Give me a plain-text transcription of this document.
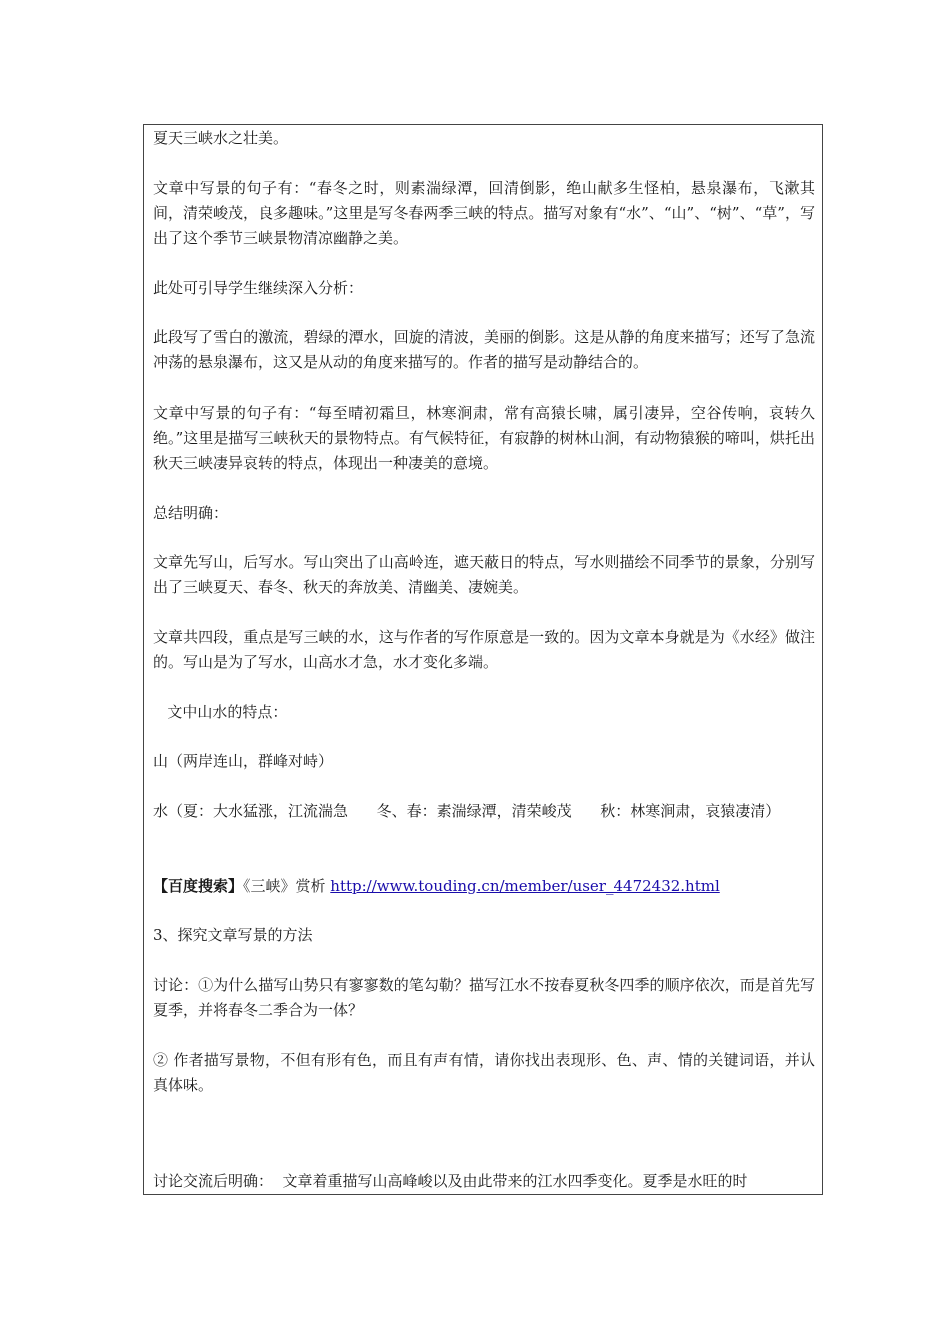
夏天三峡水之壮美。

文章中写景的句子有：“春冬之时，则素湍绿潭，回清倒影，绝山献多生怪柏，悬泉瀑布，飞漱其间，清荣峻茂，良多趣味。”这里是写冬春两季三峡的特点。描写对象有“水”、“山”、“树”、“草”，写出了这个季节三峡景物清凉幽静之美。

此处可引导学生继续深入分析：

此段写了雪白的激流，碧绿的潭水，回旋的清波，美丽的倒影。这是从静的角度来描写；还写了急流冲荡的悬泉瀑布，这又是从动的角度来描写的。作者的描写是动静结合的。

文章中写景的句子有：“每至晴初霜旦，林寒涧肃，常有高猿长啸，属引凄异，空谷传响，哀转久绝。”这里是描写三峡秋天的景物特点。有气候特征，有寂静的树林山涧，有动物猿猴的啼叫，烘托出秋天三峡凄异哀转的特点，体现出一种凄美的意境。

总结明确：

文章先写山，后写水。写山突出了山高岭连，遮天蔽日的特点，写水则描绘不同季节的景象，分别写出了三峡夏天、春冬、秋天的奔放美、清幽美、凄婉美。

文章共四段，重点是写三峡的水，这与作者的写作原意是一致的。因为文章本身就是为《水经》做注的。写山是为了写水，山高水才急，水才变化多端。

文中山水的特点：

山（两岸连山，群峰对峙）

水（夏：大水猛涨，江流湍急      冬、春：素湍绿潭，清荣峻茂      秋：林寒涧肃，哀猿凄清）

【百度搜索】《三峡》赏析 http://www.touding.cn/member/user_4472432.html

3、探究文章写景的方法

讨论：①为什么描写山势只有寥寥数的笔勾勒？描写江水不按春夏秋冬四季的顺序依次，而是首先写夏季，并将春冬二季合为一体？

② 作者描写景物，不但有形有色，而且有声有情，请你找出表现形、色、声、情的关键词语，并认真体味。

讨论交流后明确：  文章着重描写山高峰峻以及由此带来的江水四季变化。夏季是水旺的时
